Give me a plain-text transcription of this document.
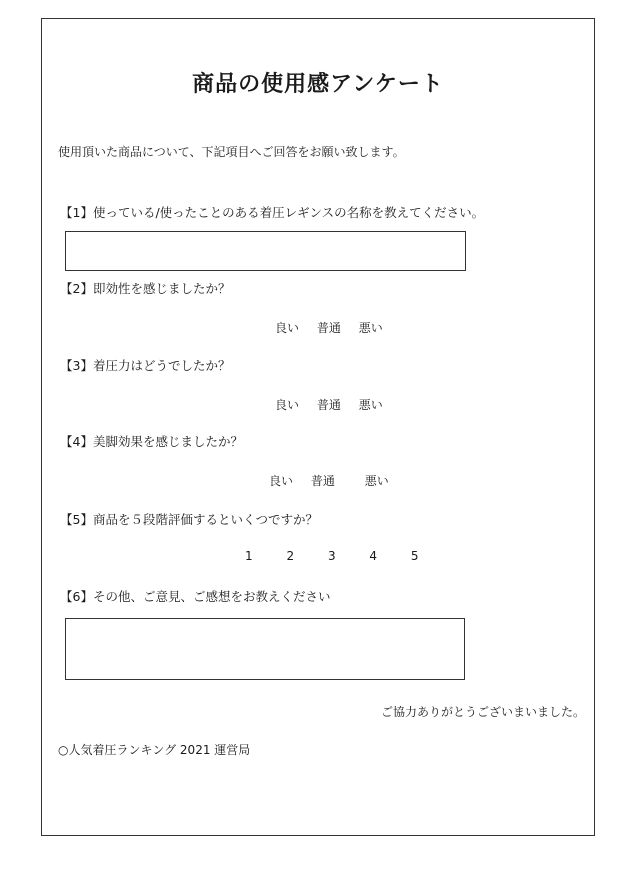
商品の使用感アンケート
使用頂いた商品について、下記項目へご回答をお願い致します。
【1】使っている/使ったことのある着圧レギンスの名称を教えてください。
【2】即効性を感じましたか？
良い 普通 悪い
【3】着圧力はどうでしたか？
良い 普通 悪い
【4】美脚効果を感じましたか？
良い 普通 悪い
【5】商品を５段階評価するといくつですか？
1	2	3	4	5
【6】その他、ご意見、ご感想をお教えください
ご協力ありがとうございまいました。
○人気着圧ランキング 2021 運営局
